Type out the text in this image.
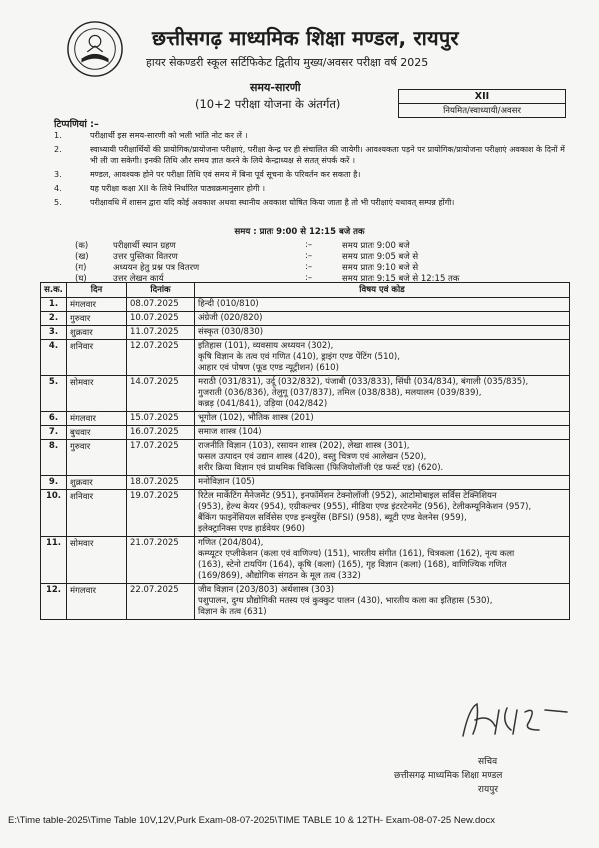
छत्तीसगढ़ माध्यमिक शिक्षा मण्डल, रायपुर
हायर सेकण्डरी स्कूल सर्टिफिकेट द्वितीय मुख्य/अवसर परीक्षा वर्ष 2025
समय-सारणी
(10+2 परीक्षा योजना के अंतर्गत)
XII
नियमित/स्वाध्यायी/अवसर
टिप्पणियां :–
1.	परीक्षार्थी इस समय-सारणी को भली भांति नोट कर लें ।
2.	स्वाध्यायी परीक्षार्थियों की प्रायोगिक/प्रायोजना परीक्षाएं, परीक्षा केन्द्र पर ही संचालित की जायेगी। आवश्यकता पड़ने पर प्रायोगिक/प्रायोजना परीक्षाएं अवकाश के दिनों में भी ली जा सकेगी। इनकी तिथि और समय ज्ञात करने के लिये केन्द्राध्यक्ष से सतत् संपर्क करें ।
3.	मण्डल, आवश्यक होने पर परीक्षा तिथि एवं समय में बिना पूर्व सूचना के परिवर्तन कर सकता है।
4.	यह परीक्षा कक्षा XII के लिये निर्धारित पाठ्यक्रमानुसार होगी ।
5.	परीक्षावधि में शासन द्वारा यदि कोई अवकाश अथवा स्थानीय अवकाश घोषित किया जाता है तो भी परीक्षाएं यथावत् सम्पन्न होंगी।
समय : प्रातः 9:00 से 12:15 बजे तक
(क)	परीक्षार्थी स्थान ग्रहण	:–	समय प्रातः 9:00 बजे
(ख)	उत्तर पुस्तिका वितरण	:–	समय प्रातः 9:05 बजे से
(ग)	अध्ययन हेतु प्रश्न पत्र वितरण	:–	समय प्रातः 9:10 बजे से
(घ)	उत्तर लेखन कार्य	:–	समय प्रातः 9:15 बजे से 12:15 तक
स.क.	दिन	दिनांक	विषय एवं कोड
1.	मंगलवार	08.07.2025	हिन्दी (010/810)

2.	गुरुवार	10.07.2025	अंग्रेजी (020/820)

3.	शुक्रवार	11.07.2025	संस्कृत (030/830)

4.	शनिवार	12.07.2025	इतिहास (101), व्यवसाय अध्ययन (302),
कृषि विज्ञान के तत्व एवं गणित (410), ड्राइंग एण्ड पेंटिंग (510),
आहार एवं पोषण (फूड एण्ड न्यूट्रीशन) (610)

5.	सोमवार	14.07.2025	मराठी (031/831), उर्दू (032/832), पंजाबी (033/833), सिंधी (034/834), बंगाली (035/835),
गुजराती (036/836), तेलुगू (037/837), तमिल (038/838), मलयालम (039/839),
कन्नड़ (041/841), उड़िया (042/842)

6.	मंगलवार	15.07.2025	भूगोल (102), भौतिक शास्त्र (201)

7.	बुधवार	16.07.2025	समाज शास्त्र (104)

8.	गुरुवार	17.07.2025	राजनीति विज्ञान (103), रसायन शास्त्र (202), लेखा शास्त्र (301),
फसल उत्पादन एवं उद्यान शास्त्र (420), वस्तु चित्रण एवं आलेखन (520),
शरीर क्रिया विज्ञान एवं प्राथमिक चिकित्सा (फिजियोलॉजी एंड फर्स्ट एड) (620).

9.	शुक्रवार	18.07.2025	मनोविज्ञान (105)

10.	शनिवार	19.07.2025	रिटेल मार्केटिंग मैनेजमेंट (951), इनफॉर्मेशन टेक्नोलॉजी (952), आटोमोबाइल सर्विस टेक्निशियन
(953), हेल्थ केयर (954), एग्रीकल्चर (955), मीडिया एण्ड इंटरटेनमेंट (956), टेलीकम्यूनिकेशन (957),
बैंकिंग फाइनेंसियल सर्विसेस एण्ड इन्श्युरेंस (BFSI) (958), ब्यूटी एण्ड वेलनेस (959),
इलेक्ट्रानिक्स एण्ड हार्डवेयर (960)

11.	सोमवार	21.07.2025	गणित (204/804),
कम्प्यूटर एप्लीकेशन (कला एवं वाणिज्य) (151), भारतीय संगीत (161), चित्रकला (162), नृत्य कला
(163), स्टेनो टायपिंग (164), कृषि (कला) (165), गृह विज्ञान (कला) (168), वाणिज्यिक गणित
(169/869), औद्योगिक संगठन के मूल तत्व (332)

12.	मंगलवार	22.07.2025	जीव विज्ञान (203/803) अर्थशास्त्र (303)
पशुपालन, दुग्ध प्रौद्योगिकी मतस्य एवं कुक्कुट पालन (430), भारतीय कला का इतिहास (530),
विज्ञान के तत्व (631)
सचिव
छत्तीसगढ़ माध्यमिक शिक्षा मण्डल
रायपुर
E:\Time table-2025\Time Table 10V,12V,Purk Exam-08-07-2025\TIME TABLE 10 & 12TH- Exam-08-07-25 New.docx
